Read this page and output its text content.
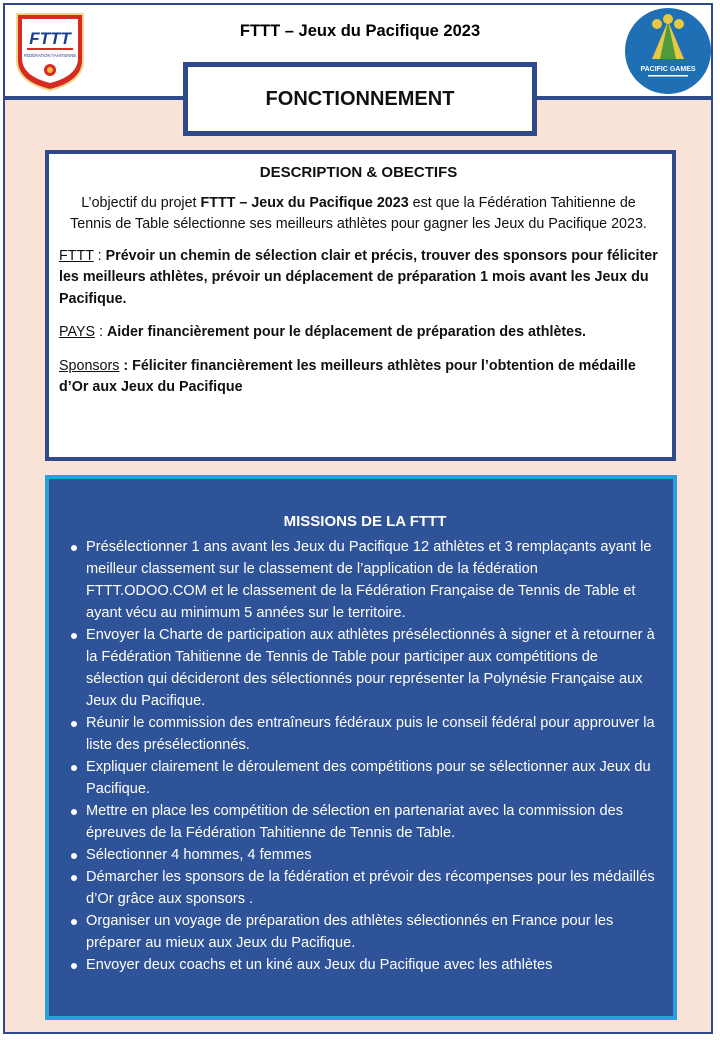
FTTT
FÉDÉRATION TAHITIENNE
FTTT – Jeux du Pacifique 2023
PACIFIC GAMES
FONCTIONNEMENT
DESCRIPTION & OBECTIFS
L’objectif du projet FTTT – Jeux du Pacifique 2023 est que la Fédération Tahitienne de Tennis de Table sélectionne ses meilleurs athlètes pour gagner les Jeux du Pacifique 2023.
FTTT : Prévoir un chemin de sélection clair et précis, trouver des sponsors pour féliciter les meilleurs athlètes, prévoir un déplacement de préparation 1 mois avant les Jeux du Pacifique.
PAYS : Aider financièrement pour le déplacement de préparation des athlètes.
Sponsors : Féliciter financièrement les meilleurs athlètes pour l’obtention de médaille d’Or aux Jeux du Pacifique
MISSIONS DE LA FTTT
Présélectionner 1 ans avant les Jeux du Pacifique 12 athlètes et 3 remplaçants ayant le meilleur classement sur le classement de l’application de la fédération FTTT.ODOO.COM et le classement de la Fédération Française de Tennis de Table et ayant vécu au minimum 5 années sur le territoire.
Envoyer la Charte de participation aux athlètes présélectionnés à signer et à retourner à la Fédération Tahitienne de Tennis de Table pour participer aux compétitions de sélection qui décideront des sélectionnés pour représenter la Polynésie Française aux Jeux du Pacifique.
Réunir le commission des entraîneurs fédéraux puis le conseil fédéral pour approuver la liste des présélectionnés.
Expliquer clairement le déroulement des compétitions pour se sélectionner aux Jeux du Pacifique.
Mettre en place les compétition de sélection en partenariat avec la commission des épreuves de la Fédération Tahitienne de Tennis de Table.
Sélectionner 4 hommes, 4 femmes
Démarcher les sponsors de la fédération et prévoir des récompenses pour les médaillés d’Or grâce aux sponsors .
Organiser un voyage de préparation des athlètes sélectionnés en France pour les préparer au mieux aux Jeux du Pacifique.
Envoyer deux coachs et un kiné aux Jeux du Pacifique avec les athlètes
